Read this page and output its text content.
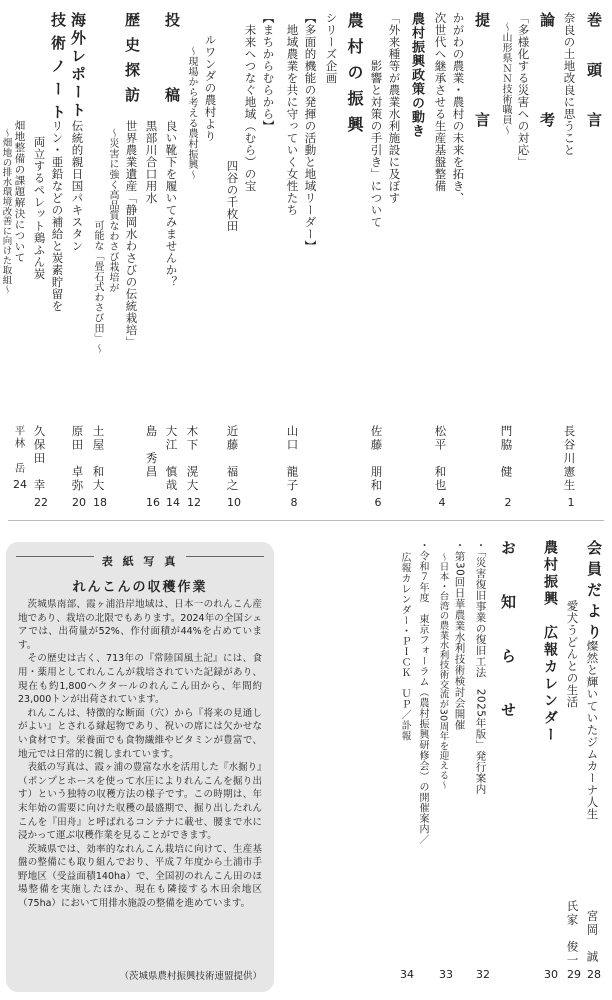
巻　頭　言
奈良の土地改良に思うこと
長谷川憲生
1
論　　　考
「多様化する災害への対応」
〜山形県ＮＮ技術職員〜
門脇　健
2
提　　　言
かがわの農業・農村の未来を拓き、
次世代へ継承させる生産基盤整備
松平　和也
4
農村振興政策の動き
「外来種等が農業水利施設に及ぼす
影響と対策の手引き」について
佐藤　朋和
6
農村の振興
シリーズ企画
【多面的機能の発揮の活動と地域リーダー】
地域農業を共に守っていく女性たち
山口　龍子
8
【まちからむらから】
未来へつなぐ地域（むら）の宝
四谷の千枚田
近藤　福之
10
ルワンダの農村より
〜現場から考える農村振興〜
木下　滉大
12
投　　稿
良い靴下を履いてみませんか？
大江　慎哉
14
黒部川合口用水
島　秀昌
16
歴史探訪
世界農業遺産「静岡水わさびの伝統栽培」
〜災害に強く高品質なわさび栽培が
可能な「畳石式わさび田」〜
土屋　和大
18
海外レポート
伝統的親日国パキスタン
原田　卓弥
20
技術ノート
リン・亜鉛などの補給と炭素貯留を
両立するペレット鶏ふん炭
久保田　幸
22
畑地整備の課題解決について
〜畑地の排水環境改善に向けた取組〜
平林　岳
24
会員だより
燦然と輝いていたジムカーナ人生
宮岡　誠
28
愛犬うどんとの生活
氏家　俊一
29
農村振興　広報カレンダー
30
お　知　ら　せ
・「災害復旧事業の復旧工法　2025年版」発行案内
32
・第30回日華農業水利技術検討会開催
〜日本・台湾の農業水利技術交流が30周年を迎える〜
33
・令和７年度　東京フォーラム（農村振興研修会）の開催案内／
広報カレンダー・ＰＩＣＫ　ＵＰ／訃報
34
表 紙 写 真
れんこんの収穫作業

茨城県南部、霞ヶ浦沿岸地域は、日本一のれんこん産地であり、栽培の北限でもあります。2024年の全国シェアでは、出荷量が52%、作付面積が44%を占めています。

その歴史は古く、713年の『常陸国風土記』には、食用・薬用としてれんこんが栽培されていた記録があり、現在も約1,800ヘクタールのれんこん田から、年間約23,000トンが出荷されています。

れんこんは、特徴的な断面（穴）から『将来の見通しがよい』とされる縁起物であり、祝いの席には欠かせない食材です。栄養面でも食物繊維やビタミンが豊富で、地元では日常的に親しまれています。

表紙の写真は、霞ヶ浦の豊富な水を活用した『水掘り』（ポンプとホースを使って水圧によりれんこんを掘り出す）という独特の収穫方法の様子です。この時期は、年末年始の需要に向けた収穫の最盛期で、掘り出したれんこんを『田舟』と呼ばれるコンテナに載せ、腰まで水に浸かって運ぶ収穫作業を見ることができます。

茨城県では、効率的なれんこん栽培に向けて、生産基盤の整備にも取り組んでおり、平成７年度から土浦市手野地区（受益面積140ha）で、全国初のれんこん田のほ場整備を実施したほか、現在も隣接する木田余地区（75ha）において用排水施設の整備を進めています。

（茨城県農村振興技術連盟提供）
